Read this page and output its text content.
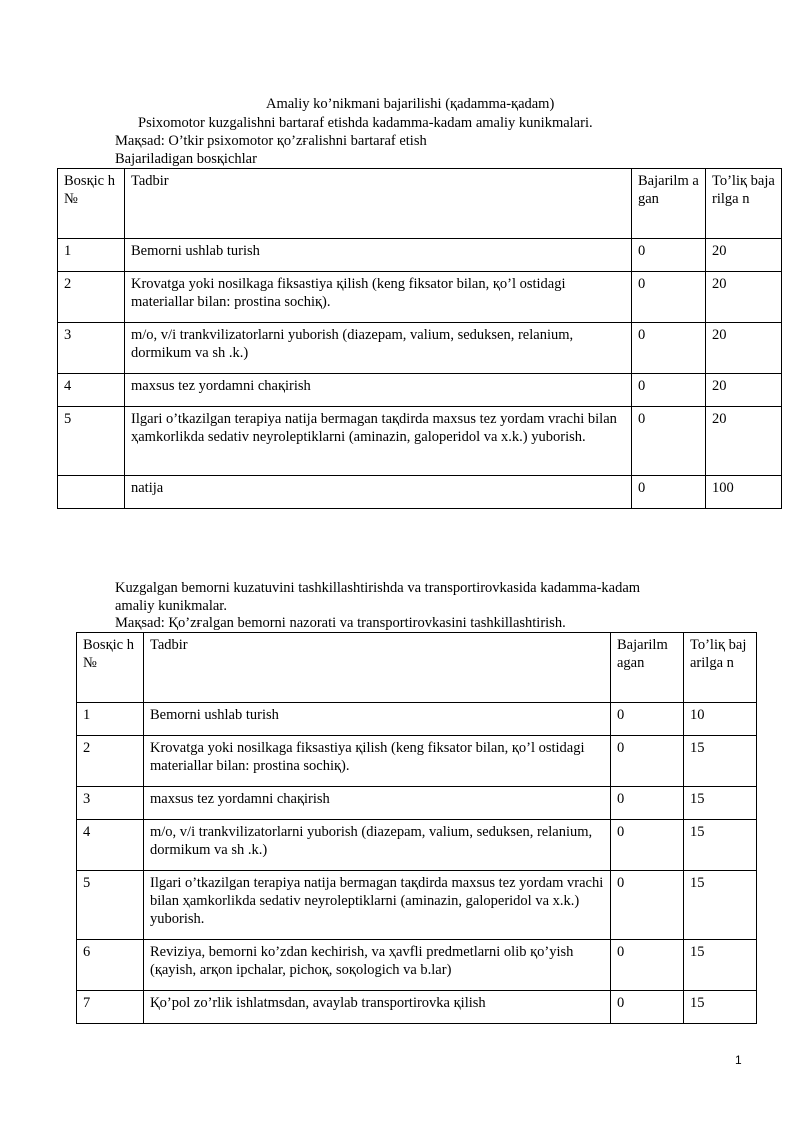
Amaliy ko’nikmani bajarilishi (қadamma-қadam)
Psixomotor kuzgalishni bartaraf etishda kadamma-kadam amaliy kunikmalari.
Maқsad: O’tkir psixomotor қo’zғalishni bartaraf etish
Bajariladigan bosқichlar
Bosқic h №	Tadbir	Bajarilm agan	To’liқ bajarilga n
1	Bemorni ushlab turish	0	20
2	Krovatga yoki nosilkaga fiksastiya қilish (keng fiksator bilan, қo’l ostidagi materiallar bilan: prostina sochiқ).	0	20
3	m/o, v/i trankvilizatorlarni yuborish (diazepam, valium, seduksen, relanium, dormikum va sh .k.)	0	20
4	maxsus tez yordamni chaқirish	0	20
5	Ilgari o’tkazilgan terapiya natija bermagan taқdirda maxsus tez yordam vrachi bilan ҳamkorlikda sedativ neyroleptiklarni (aminazin, galoperidol va x.k.) yuborish.	0	20
	natija	0	100
Kuzgalgan bemorni kuzatuvini tashkillashtirishda va transportirovkasida kadamma-kadam
amaliy kunikmalar.
Maқsad: Қo’zғalgan bemorni nazorati va transportirovkasini tashkillashtirish.
Bosқic h №	Tadbir	Bajarilm agan	To’liқ bajarilga n
1	Bemorni ushlab turish	0	10
2	Krovatga yoki nosilkaga fiksastiya қilish (keng fiksator bilan, қo’l ostidagi materiallar bilan: prostina sochiқ).	0	15
3	maxsus tez yordamni chaқirish	0	15
4	m/o, v/i trankvilizatorlarni yuborish (diazepam, valium, seduksen, relanium, dormikum va sh .k.)	0	15
5	Ilgari o’tkazilgan terapiya natija bermagan taқdirda maxsus tez yordam vrachi bilan ҳamkorlikda sedativ neyroleptiklarni (aminazin, galoperidol va x.k.) yuborish.	0	15
6	Reviziya, bemorni ko’zdan kechirish, va ҳavfli predmetlarni olib қo’yish (қayish, arқon ipchalar, pichoқ, soқologich va b.lar)	0	15
7	Қo’pol zo’rlik ishlatmsdan, avaylab transportirovka қilish	0	15
1
